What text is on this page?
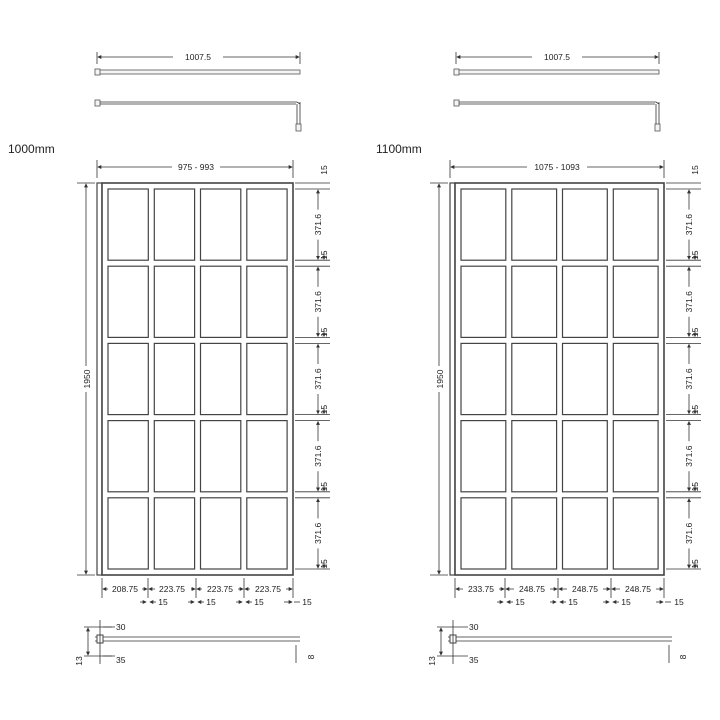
1007.5
1000mm
975 - 993
1950
15
371.6
15
371.6
15
371.6
15
371.6
15
371.6
15
208.75 223.75	223.75	223.75
15	15	15	15
30
13	35	8
1007.5
1100mm
1075 - 1093
1950
15
371.6
15
371.6
15
371.6
15
371.6
15
371.6
15
233.75	248.75	248.75	248.75
15	15	15	15
30
13	35	8
